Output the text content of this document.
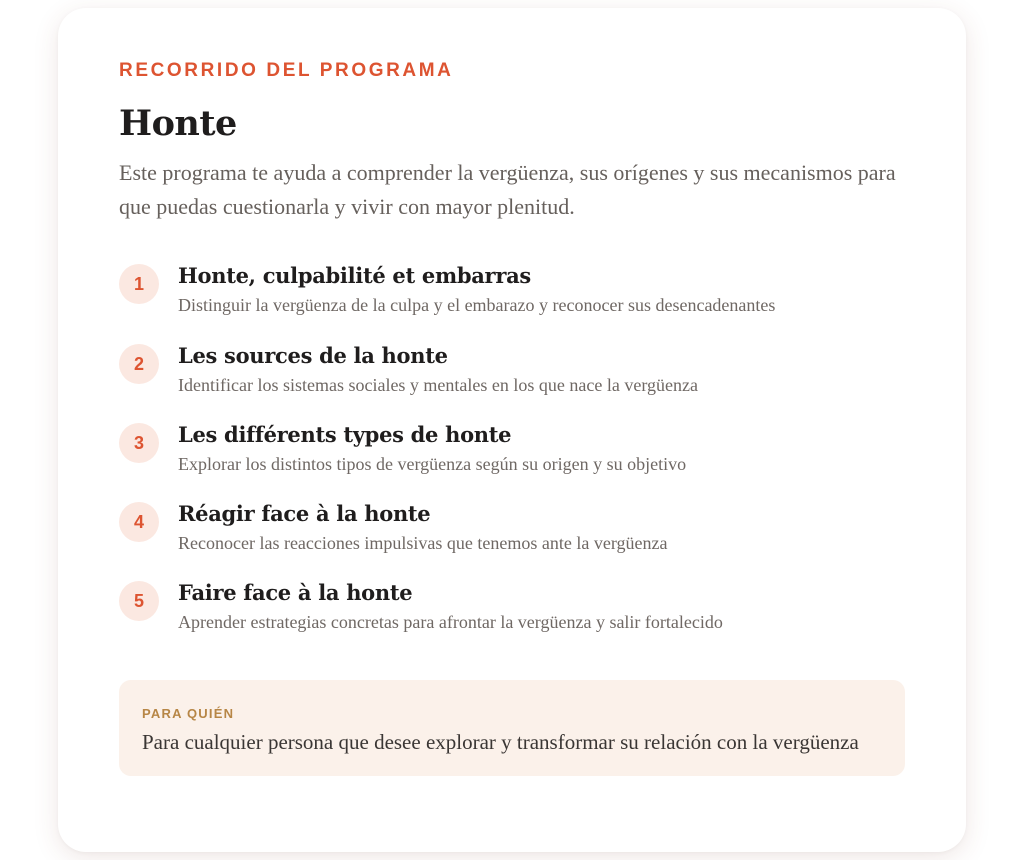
RECORRIDO DEL PROGRAMA
Honte

Este programa te ayuda a comprender la vergüenza, sus orígenes y sus mecanismos para que puedas cuestionarla y vivir con mayor plenitud.

1	Honte, culpabilité et embarras
Distinguir la vergüenza de la culpa y el embarazo y reconocer sus desencadenantes
2	Les sources de la honte
Identificar los sistemas sociales y mentales en los que nace la vergüenza
3	Les différents types de honte
Explorar los distintos tipos de vergüenza según su origen y su objetivo
4	Réagir face à la honte
Reconocer las reacciones impulsivas que tenemos ante la vergüenza
5	Faire face à la honte
Aprender estrategias concretas para afrontar la vergüenza y salir fortalecido
PARA QUIÉN
Para cualquier persona que desee explorar y transformar su relación con la vergüenza
